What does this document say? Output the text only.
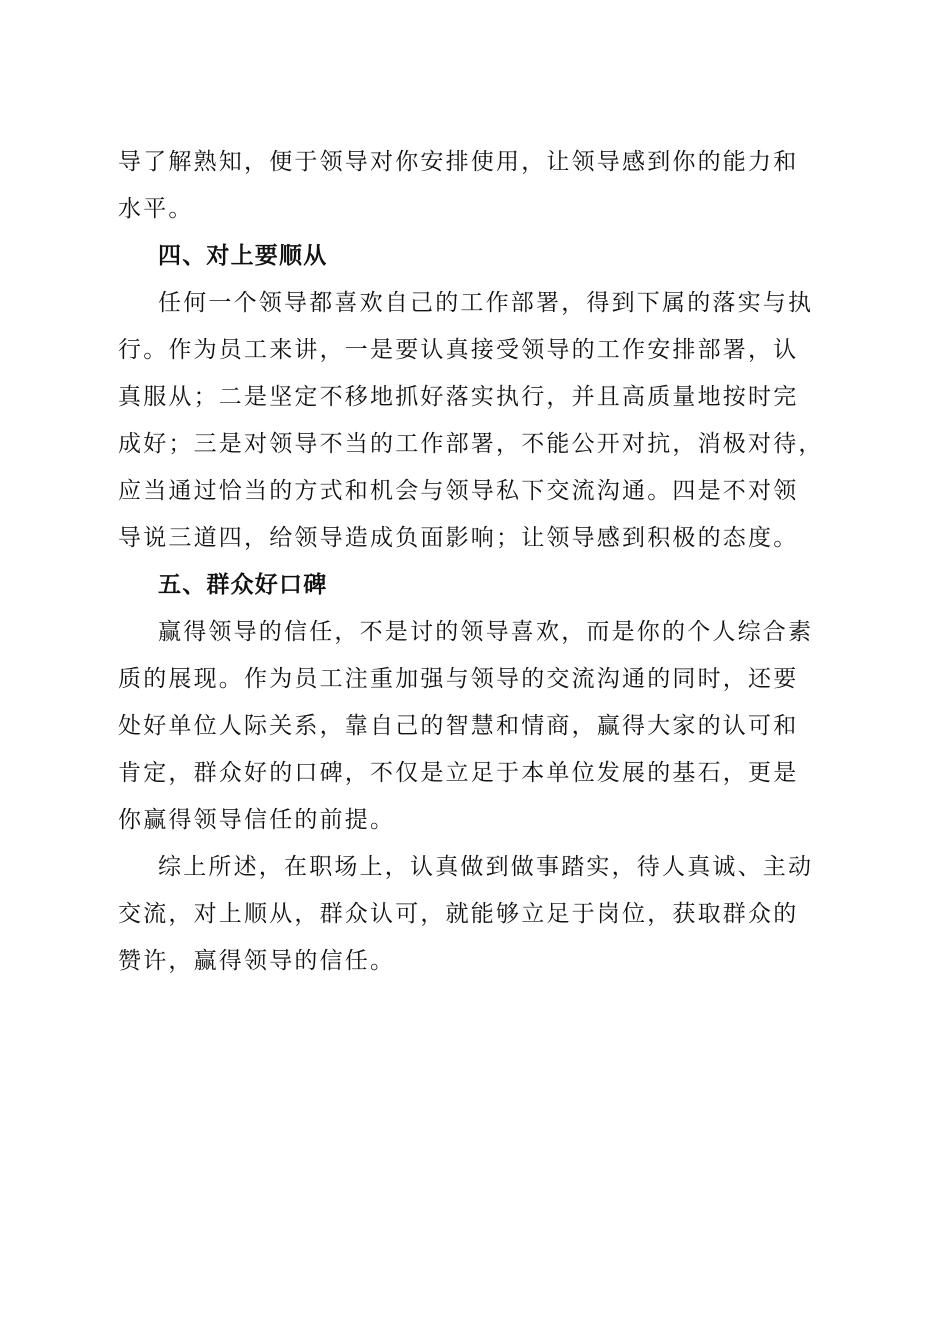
导了解熟知，便于领导对你安排使用，让领导感到你的能力和

水平。

四、对上要顺从

任何一个领导都喜欢自己的工作部署，得到下属的落实与执

行。作为员工来讲，一是要认真接受领导的工作安排部署，认

真服从；二是坚定不移地抓好落实执行，并且高质量地按时完

成好；三是对领导不当的工作部署，不能公开对抗，消极对待，

应当通过恰当的方式和机会与领导私下交流沟通。四是不对领

导说三道四，给领导造成负面影响；让领导感到积极的态度。

五、群众好口碑

赢得领导的信任，不是讨的领导喜欢，而是你的个人综合素

质的展现。作为员工注重加强与领导的交流沟通的同时，还要

处好单位人际关系，靠自己的智慧和情商，赢得大家的认可和

肯定，群众好的口碑，不仅是立足于本单位发展的基石，更是

你赢得领导信任的前提。

综上所述，在职场上，认真做到做事踏实，待人真诚、主动

交流，对上顺从，群众认可，就能够立足于岗位，获取群众的

赞许，赢得领导的信任。
